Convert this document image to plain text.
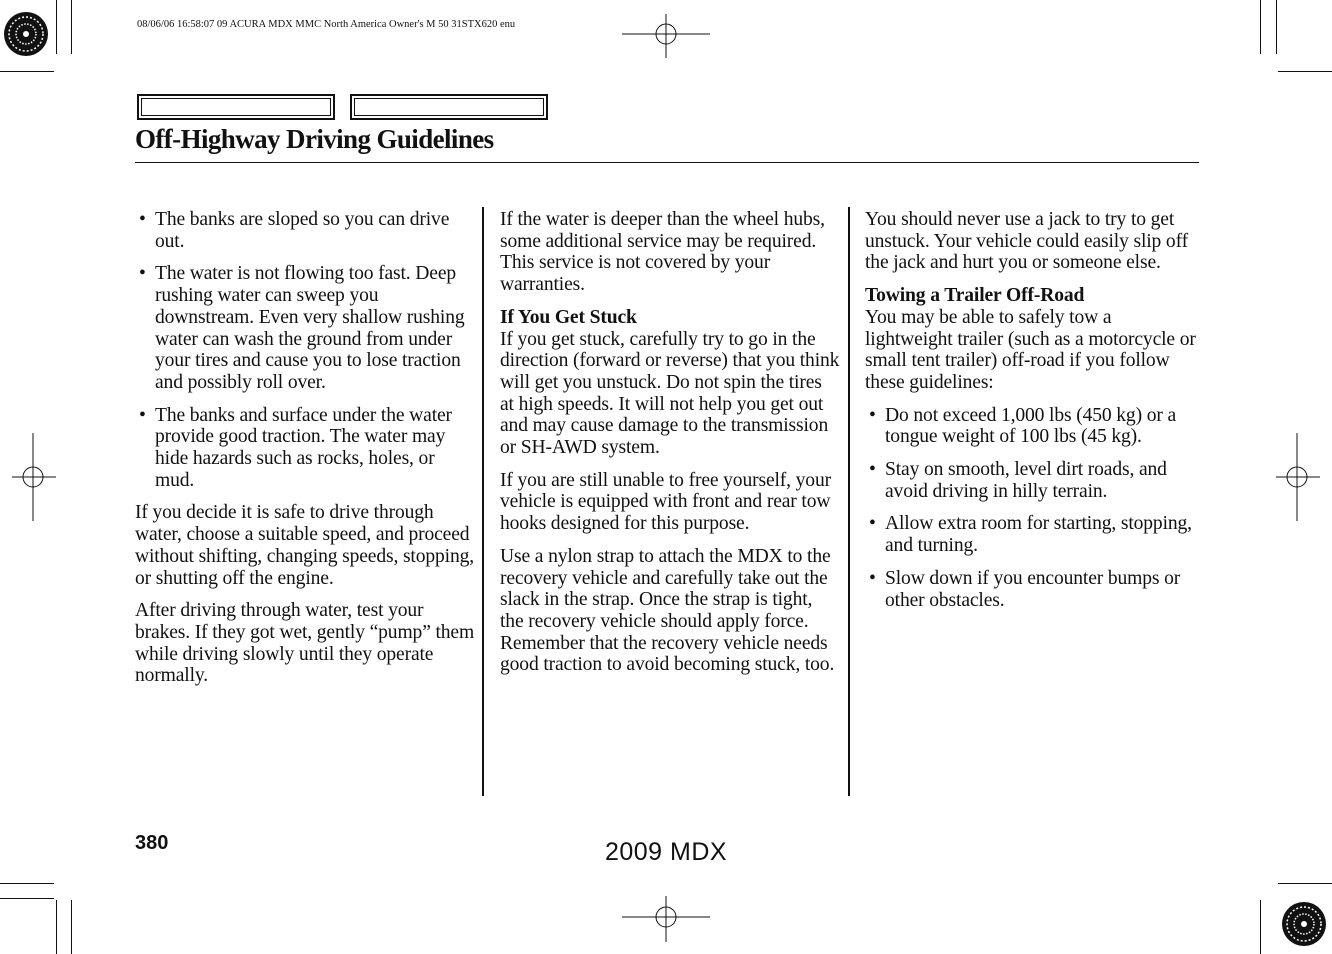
08/06/06 16:58:07 09 ACURA MDX MMC North America Owner's M 50 31STX620 enu
Off-Highway Driving Guidelines
• The banks are sloped so you can drive out.
• The water is not flowing too fast. Deep rushing water can sweep you downstream. Even very shallow rushing water can wash the ground from under your tires and cause you to lose traction and possibly roll over.
• The banks and surface under the water provide good traction. The water may hide hazards such as rocks, holes, or mud.

If you decide it is safe to drive through water, choose a suitable speed, and proceed without shifting, changing speeds, stopping, or shutting off the engine.

After driving through water, test your brakes. If they got wet, gently “pump” them while driving slowly until they operate normally.

If the water is deeper than the wheel hubs, some additional service may be required. This service is not covered by your warranties.

If You Get Stuck
If you get stuck, carefully try to go in the direction (forward or reverse) that you think will get you unstuck. Do not spin the tires at high speeds. It will not help you get out and may cause damage to the transmission or SH-AWD system.

If you are still unable to free yourself, your vehicle is equipped with front and rear tow hooks designed for this purpose.

Use a nylon strap to attach the MDX to the recovery vehicle and carefully take out the slack in the strap. Once the strap is tight, the recovery vehicle should apply force. Remember that the recovery vehicle needs good traction to avoid becoming stuck, too.

You should never use a jack to try to get unstuck. Your vehicle could easily slip off the jack and hurt you or someone else.

Towing a Trailer Off-Road
You may be able to safely tow a lightweight trailer (such as a motorcycle or small tent trailer) off-road if you follow these guidelines:

• Do not exceed 1,000 lbs (450 kg) or a tongue weight of 100 lbs (45 kg).
• Stay on smooth, level dirt roads, and avoid driving in hilly terrain.
• Allow extra room for starting, stopping, and turning.
• Slow down if you encounter bumps or other obstacles.
380	2009 MDX
